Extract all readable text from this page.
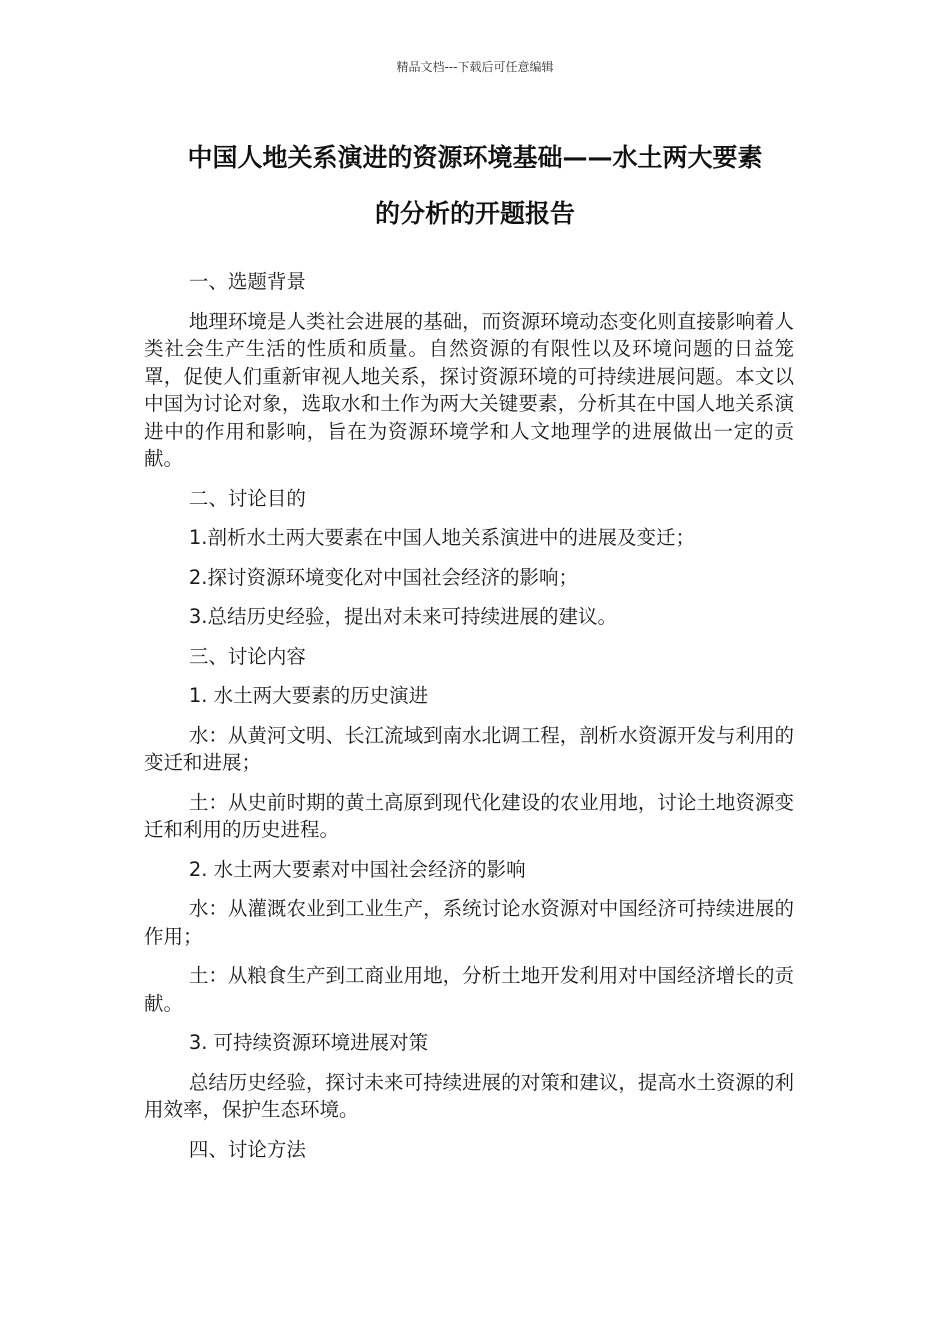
精品文档---下载后可任意编辑
中国人地关系演进的资源环境基础——水土两大要素
的分析的开题报告

一、选题背景

地理环境是人类社会进展的基础，而资源环境动态变化则直接影响着人类社会生产生活的性质和质量。自然资源的有限性以及环境问题的日益笼罩，促使人们重新审视人地关系，探讨资源环境的可持续进展问题。本文以中国为讨论对象，选取水和土作为两大关键要素，分析其在中国人地关系演进中的作用和影响，旨在为资源环境学和人文地理学的进展做出一定的贡献。

二、讨论目的

1.剖析水土两大要素在中国人地关系演进中的进展及变迁；

2.探讨资源环境变化对中国社会经济的影响；

3.总结历史经验，提出对未来可持续进展的建议。

三、讨论内容

1. 水土两大要素的历史演进

水：从黄河文明、长江流域到南水北调工程，剖析水资源开发与利用的变迁和进展；

土：从史前时期的黄土高原到现代化建设的农业用地，讨论土地资源变迁和利用的历史进程。

2. 水土两大要素对中国社会经济的影响

水：从灌溉农业到工业生产，系统讨论水资源对中国经济可持续进展的作用；

土：从粮食生产到工商业用地，分析土地开发利用对中国经济增长的贡献。

3. 可持续资源环境进展对策

总结历史经验，探讨未来可持续进展的对策和建议，提高水土资源的利用效率，保护生态环境。

四、讨论方法
